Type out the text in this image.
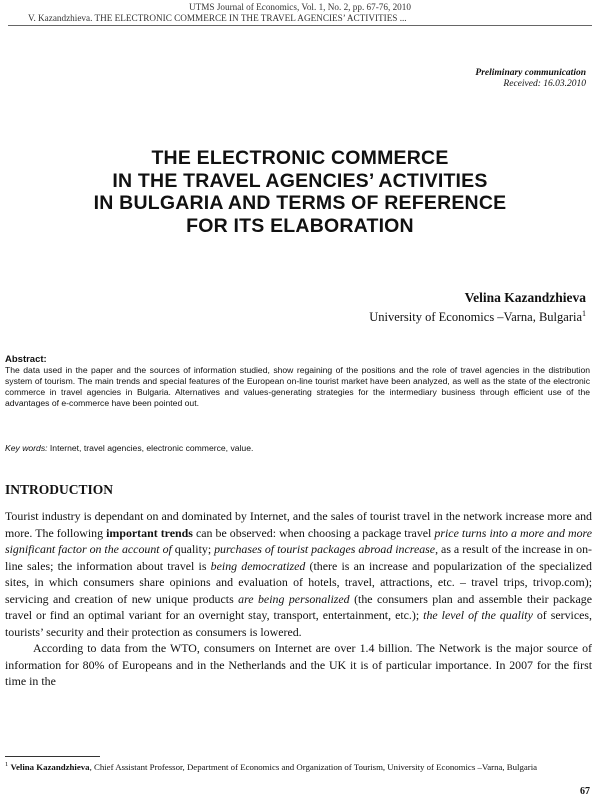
UTMS Journal of Economics, Vol. 1, No. 2, pp. 67-76, 2010
V. Kazandzhieva. THE ELECTRONIC COMMERCE IN THE TRAVEL AGENCIES’ ACTIVITIES ...
Preliminary communication
Received: 16.03.2010
THE ELECTRONIC COMMERCE
IN THE TRAVEL AGENCIES’ ACTIVITIES
IN BULGARIA AND TERMS OF REFERENCE
FOR ITS ELABORATION
Velina Kazandzhieva
University of Economics –Varna, Bulgaria$^1$
Abstract:
The data used in the paper and the sources of information studied, show regaining of the positions and the role of travel agencies in the distribution system of tourism. The main trends and special features of the European on-line tourist market have been analyzed, as well as the state of the electronic commerce in travel agencies in Bulgaria. Alternatives and values-generating strategies for the intermediary business through efficient use of the advantages of e-commerce have been pointed out.
Key words: Internet, travel agencies, electronic commerce, value.
INTRODUCTION

Tourist industry is dependant on and dominated by Internet, and the sales of tourist travel in the network increase more and more. The following important trends can be observed: when choosing a package travel price turns into a more and more significant factor on the account of quality; purchases of tourist packages abroad increase, as a result of the increase in on-line sales; the information about travel is being democratized (there is an increase and popularization of the specialized sites, in which consumers share opinions and evaluation of hotels, travel, attractions, etc. – travel trips, trivop.com); servicing and creation of new unique products are being personalized (the consumers plan and assemble their package travel or find an optimal variant for an overnight stay, transport, entertainment, etc.); the level of the quality of services, tourists’ security and their protection as consumers is lowered.

According to data from the WTO, consumers on Internet are over 1.4 billion. The Network is the major source of information for 80% of Europeans and in the Netherlands and the UK it is of particular importance. In 2007 for the first time in the

$^1$ Velina Kazandzhieva, Chief Assistant Professor, Department of Economics and Organization of Tourism, University of Economics –Varna, Bulgaria
67
